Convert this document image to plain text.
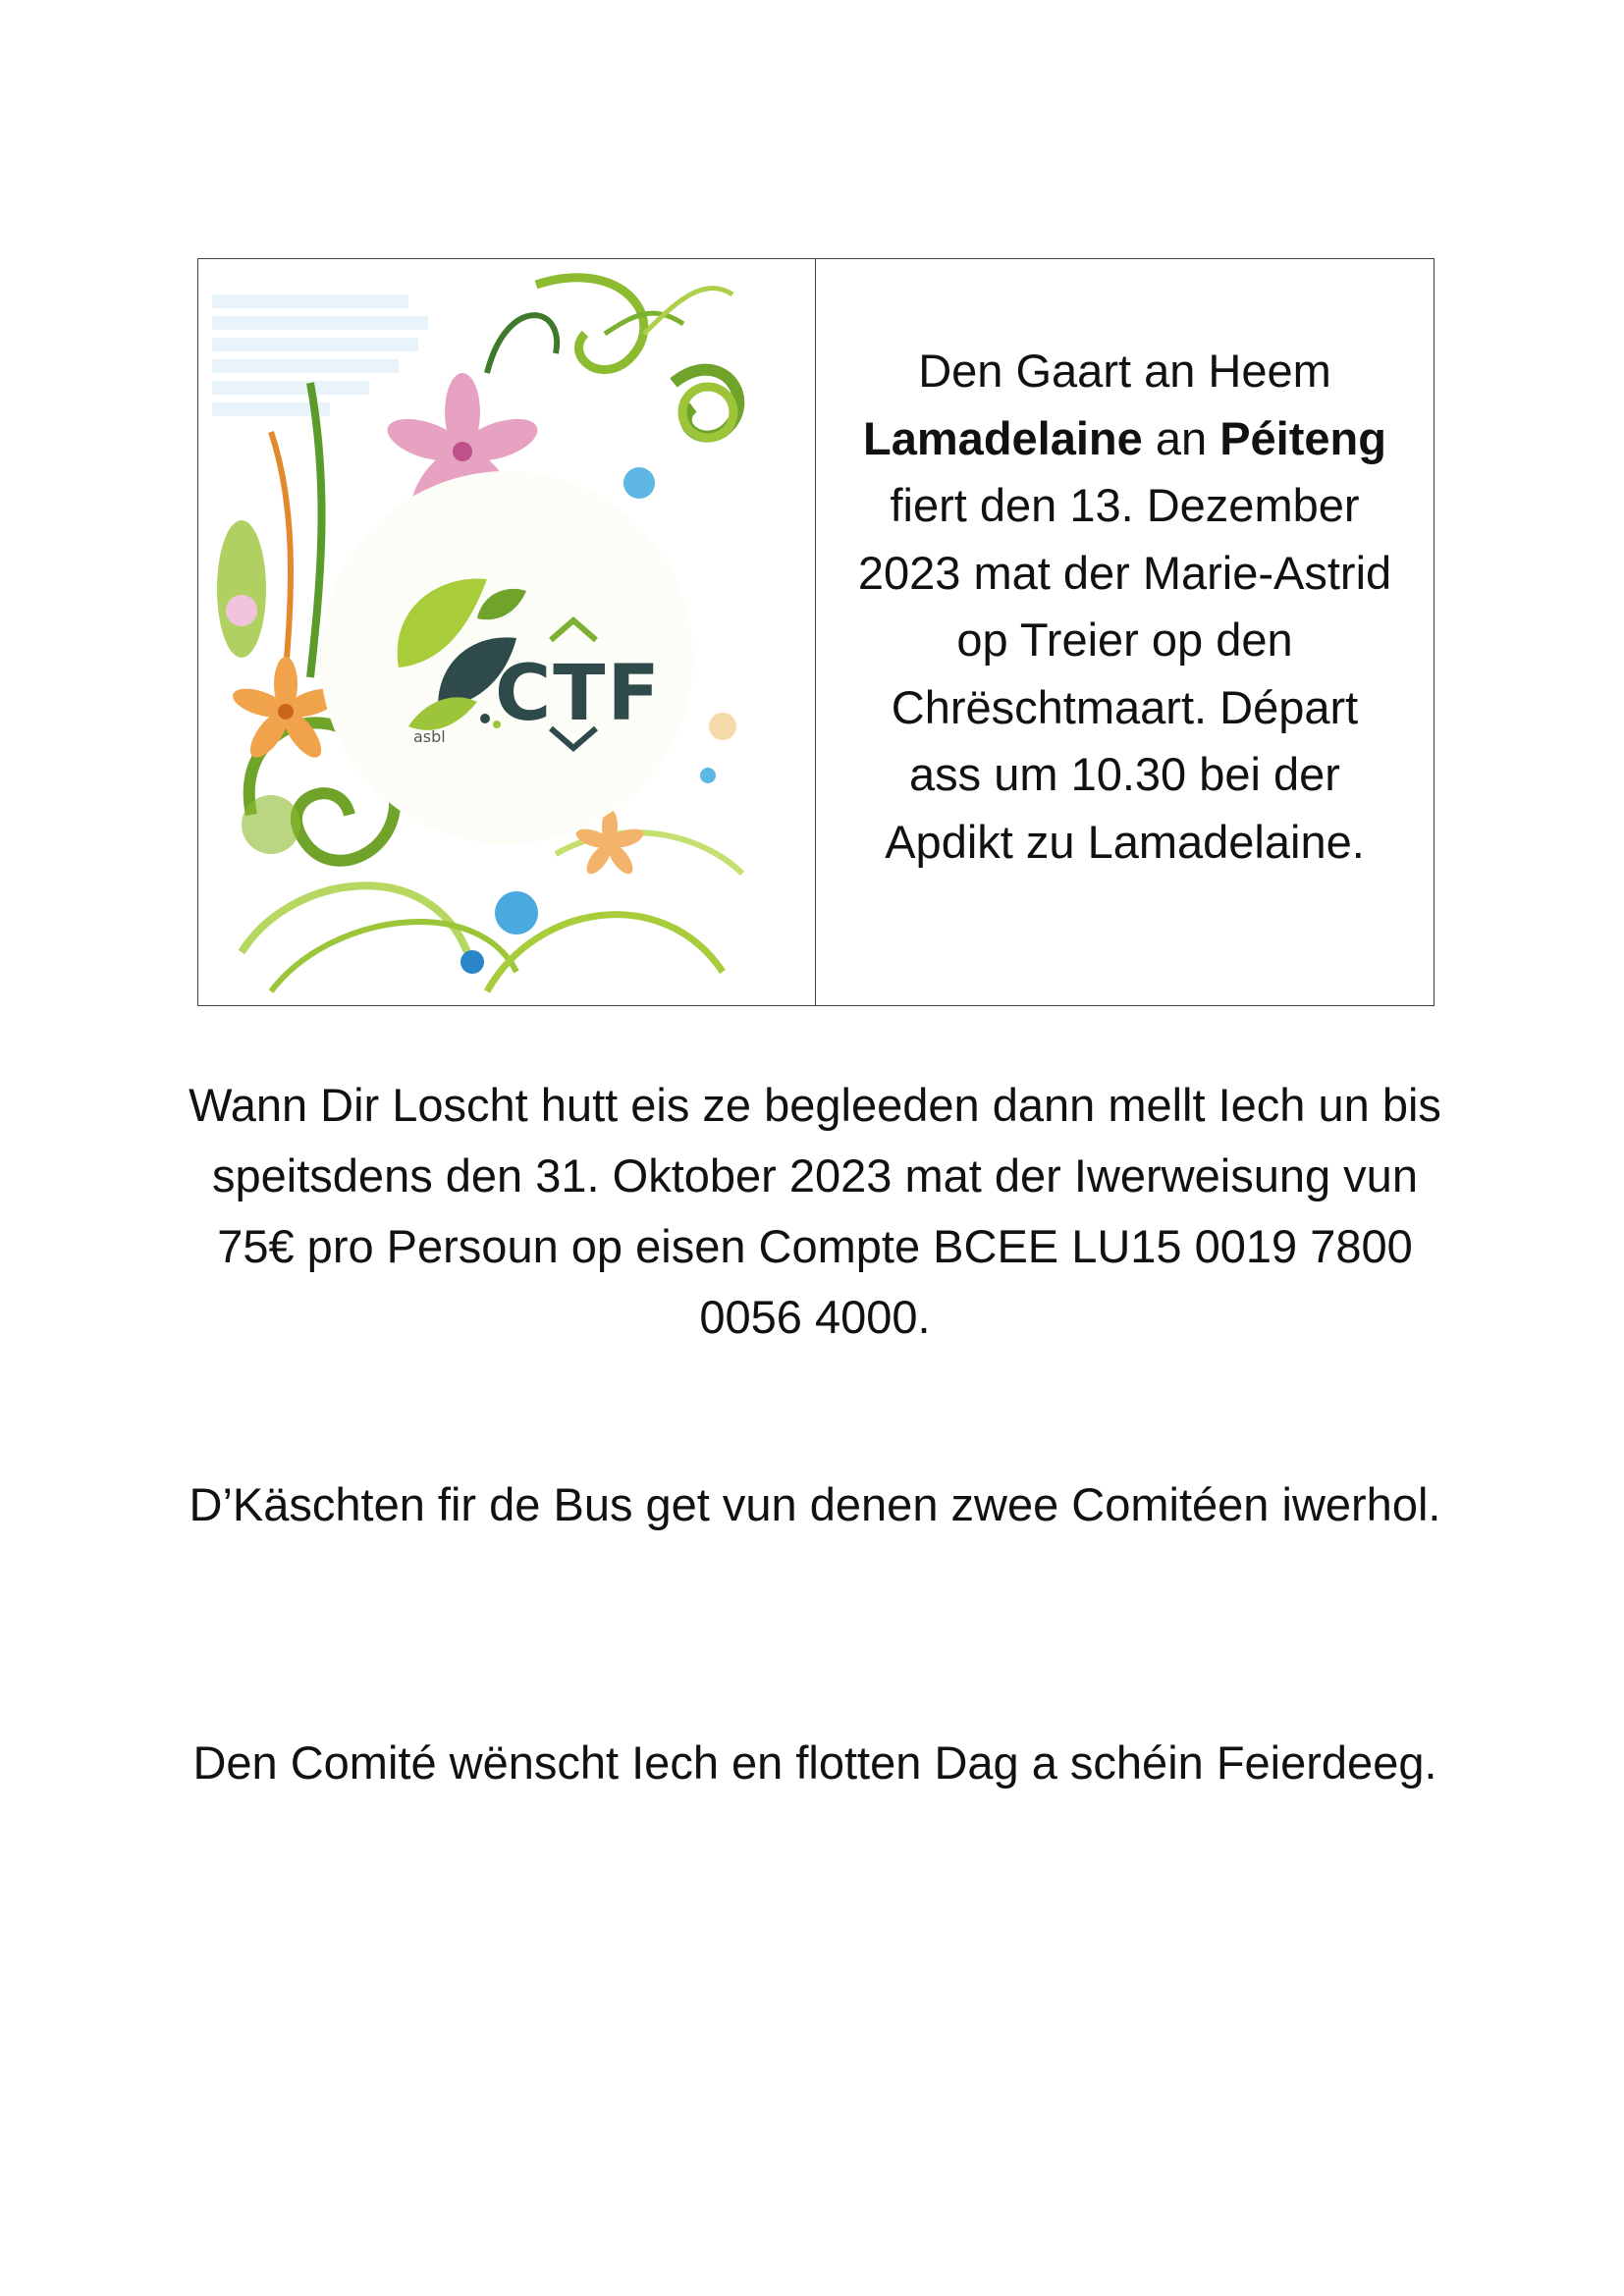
CTF
asbl
Den Gaart an Heem
Lamadelaine an Péiteng
fiert den 13. Dezember 2023 mat der Marie-Astrid op Treier op den Chrëschtmaart. Départ ass um 10.30 bei der Apdikt zu Lamadelaine.
Wann Dir Loscht hutt eis ze begleeden dann mellt Iech un bis speitsdens den 31. Oktober 2023 mat der Iwerweisung vun 75€ pro Persoun op eisen Compte BCEE LU15 0019 7800 0056 4000.
D’Käschten fir de Bus get vun denen zwee Comitéen iwerhol.
Den Comité wënscht Iech en flotten Dag a schéin Feierdeeg.
